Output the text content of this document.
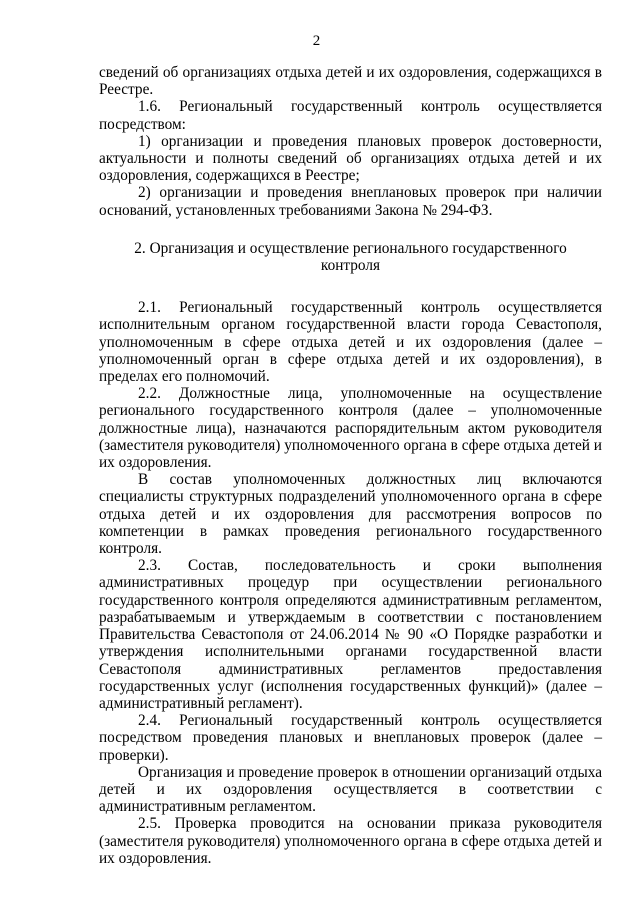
2

сведений об организациях отдыха детей и их оздоровления, содержащихся в Реестре.

1.6. Региональный государственный контроль осуществляется посредством:

1) организации и проведения плановых проверок достоверности, актуальности и полноты сведений об организациях отдыха детей и их оздоровления, содержащихся в Реестре;

2) организации и проведения внеплановых проверок при наличии оснований, установленных требованиями Закона № 294-ФЗ.

2. Организация и осуществление регионального государственного
контроля

2.1. Региональный государственный контроль осуществляется исполнительным органом государственной власти города Севастополя, уполномоченным в сфере отдыха детей и их оздоровления (далее – уполномоченный орган в сфере отдыха детей и их оздоровления), в пределах его полномочий.

2.2. Должностные лица, уполномоченные на осуществление регионального государственного контроля (далее – уполномоченные должностные лица), назначаются распорядительным актом руководителя (заместителя руководителя) уполномоченного органа в сфере отдыха детей и их оздоровления.

В состав уполномоченных должностных лиц включаются специалисты структурных подразделений уполномоченного органа в сфере отдыха детей и их оздоровления для рассмотрения вопросов по компетенции в рамках проведения регионального государственного контроля.

2.3. Состав, последовательность и сроки выполнения административных процедур при осуществлении регионального государственного контроля определяются административным регламентом, разрабатываемым и утверждаемым в соответствии с постановлением Правительства Севастополя от 24.06.2014 № 90 «О Порядке разработки и утверждения исполнительными органами государственной власти Севастополя административных регламентов предоставления государственных услуг (исполнения государственных функций)» (далее – административный регламент).

2.4. Региональный государственный контроль осуществляется посредством проведения плановых и внеплановых проверок (далее – проверки).

Организация и проведение проверок в отношении организаций отдыха детей и их оздоровления осуществляется в соответствии с административным регламентом.

2.5. Проверка проводится на основании приказа руководителя (заместителя руководителя) уполномоченного органа в сфере отдыха детей и их оздоровления.
